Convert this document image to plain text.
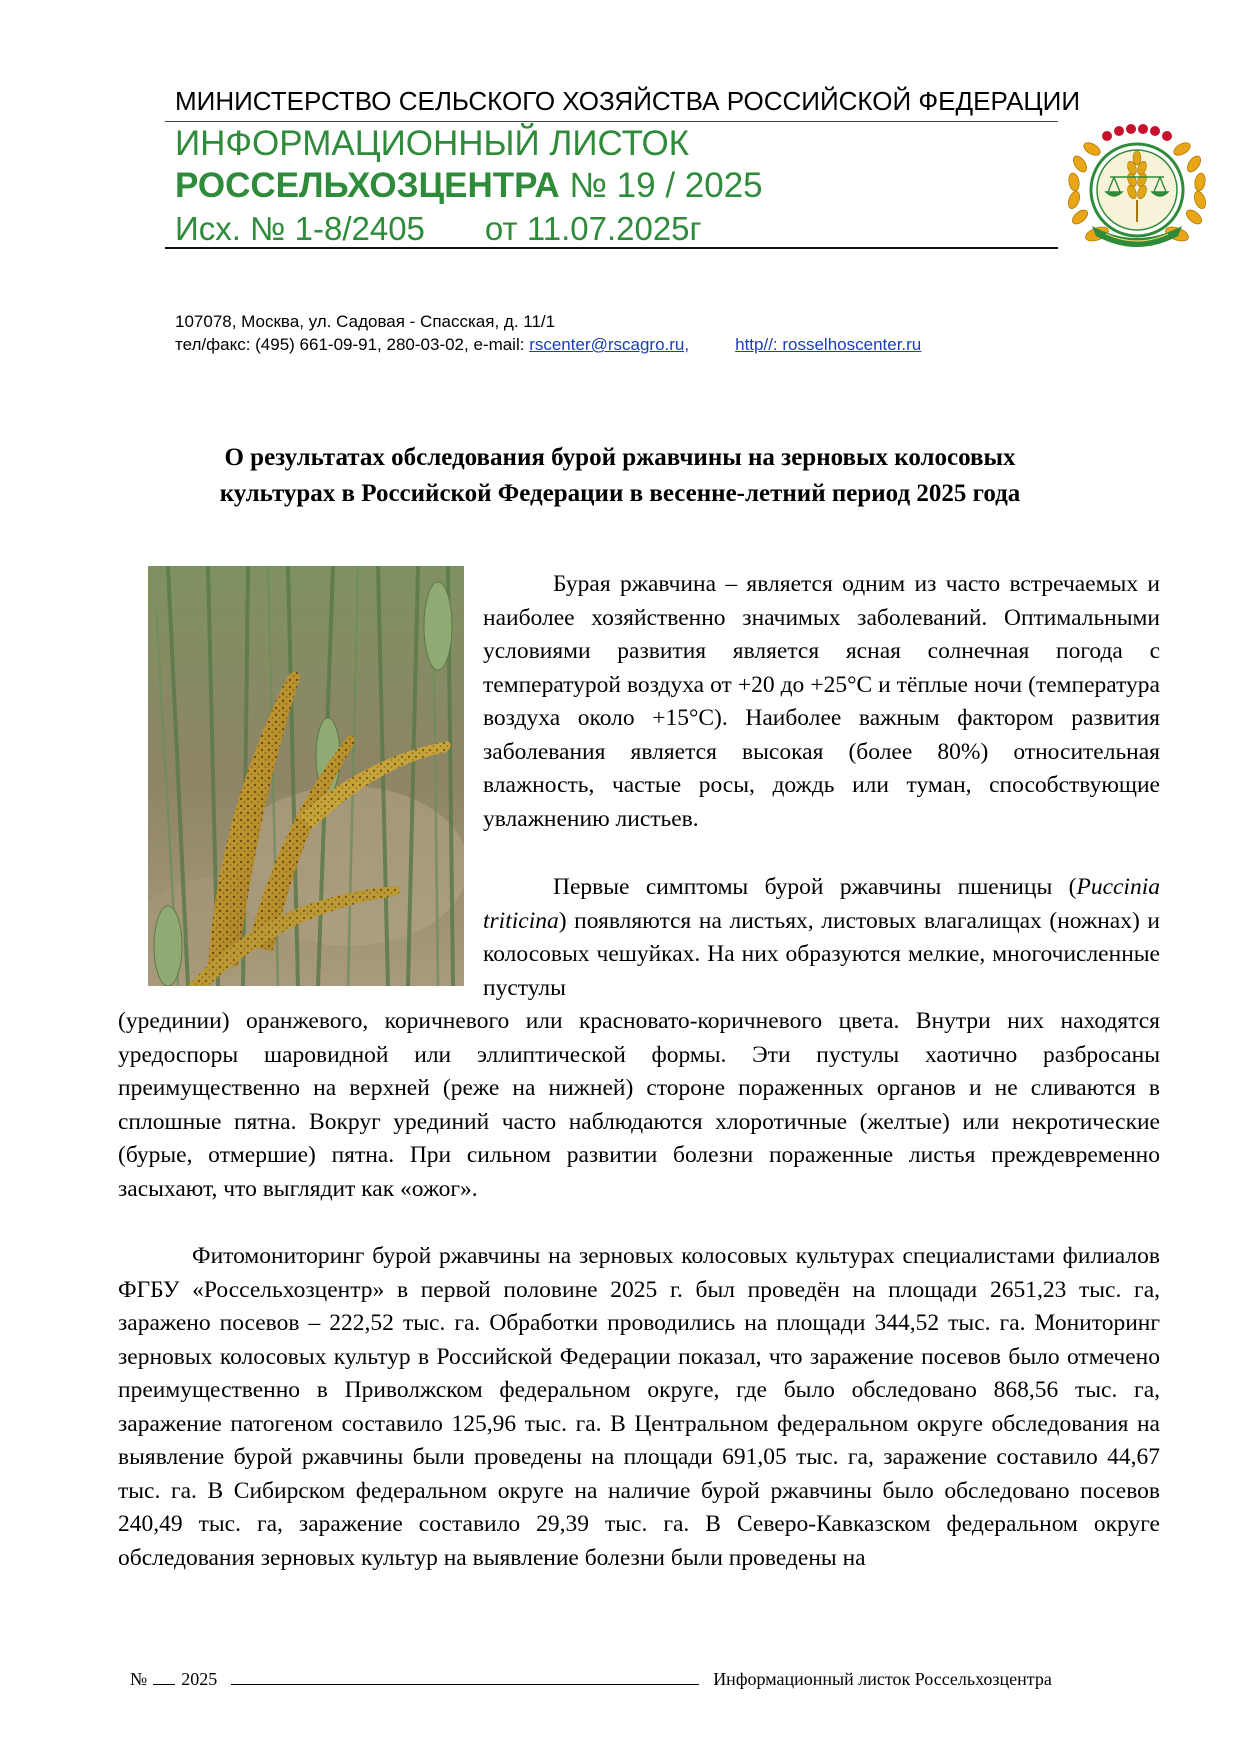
МИНИСТЕРСТВО СЕЛЬСКОГО ХОЗЯЙСТВА РОССИЙСКОЙ ФЕДЕРАЦИИ
ИНФОРМАЦИОННЫЙ ЛИСТОК
РОССЕЛЬХОЗЦЕНТРА № 19 / 2025
Исх. № 1-8/2405 от 11.07.2025г
107078, Москва, ул. Садовая - Спасская, д. 11/1
тел/факс: (495) 661-09-91, 280-03-02, e-mail: rscenter@rscagro.ru,	http//: rosselhoscenter.ru
О результатах обследования бурой ржавчины на зерновых колосовых
культурах в Российской Федерации в весенне-летний период 2025 года
Бурая ржавчина – является одним из часто встречаемых и наиболее хозяйственно значимых заболеваний. Оптимальными условиями развития является ясная солнечная погода с температурой воздуха от +20 до +25°С и тёплые ночи (температура воздуха около +15°С). Наиболее важным фактором развития заболевания является высокая (более 80%) относительная влажность, частые росы, дождь или туман, способствующие увлажнению листьев.
Первые симптомы бурой ржавчины пшеницы (Puccinia triticina) появляются на листьях, листовых влагалищах (ножнах) и колосовых чешуйках. На них образуются мелкие, многочисленные пустулы
(урединии) оранжевого, коричневого или красновато-коричневого цвета. Внутри них находятся уредоспоры шаровидной или эллиптической формы. Эти пустулы хаотично разбросаны преимущественно на верхней (реже на нижней) стороне пораженных органов и не сливаются в сплошные пятна. Вокруг урединий часто наблюдаются хлоротичные (желтые) или некротические (бурые, отмершие) пятна. При сильном развитии болезни пораженные листья преждевременно засыхают, что выглядит как «ожог».
Фитомониторинг бурой ржавчины на зерновых колосовых культурах специалистами филиалов ФГБУ «Россельхозцентр» в первой половине 2025 г. был проведён на площади 2651,23 тыс. га, заражено посевов – 222,52 тыс. га. Обработки проводились на площади 344,52 тыс. га. Мониторинг зерновых колосовых культур в Российской Федерации показал, что заражение посевов было отмечено преимущественно в Приволжском федеральном округе, где было обследовано 868,56 тыс. га, заражение патогеном составило 125,96 тыс. га. В Центральном федеральном округе обследования на выявление бурой ржавчины были проведены на площади 691,05 тыс. га, заражение составило 44,67 тыс. га. В Сибирском федеральном округе на наличие бурой ржавчины было обследовано посевов 240,49 тыс. га, заражение составило 29,39 тыс. га. В Северо-Кавказском федеральном округе обследования зерновых культур на выявление болезни были проведены на
№ 2025	Информационный листок Россельхозцентра
